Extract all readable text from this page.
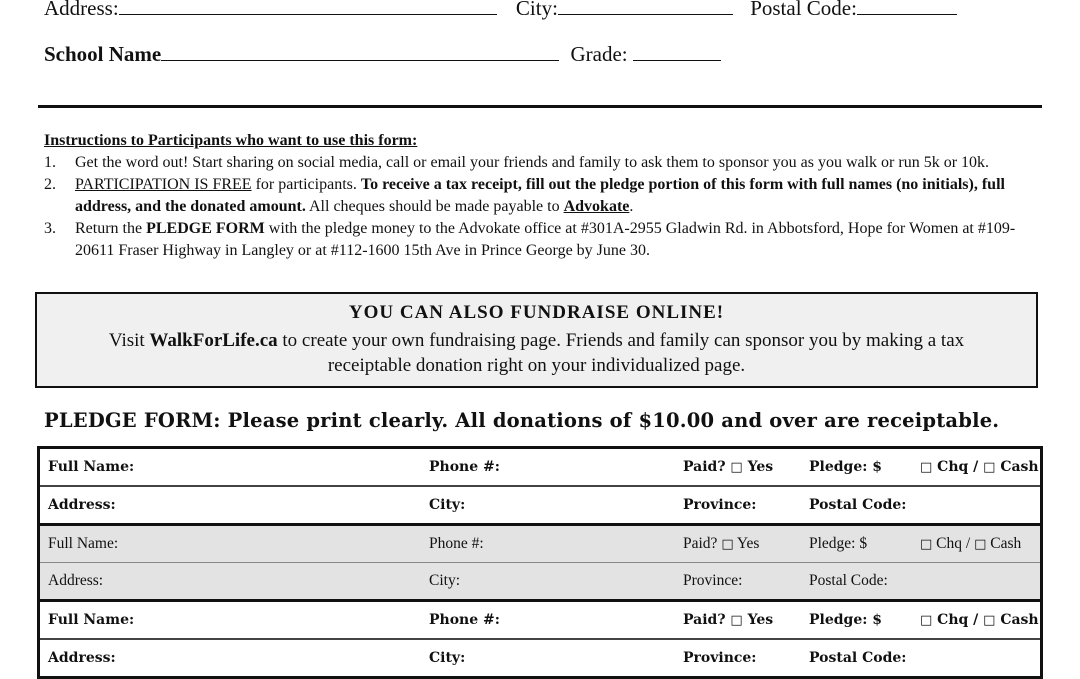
Address:	City:	Postal Code:
School Name	Grade:
Instructions to Participants who want to use this form:
1. Get the word out! Start sharing on social media, call or email your friends and family to ask them to sponsor you as you walk or run 5k or 10k.
2. PARTICIPATION IS FREE for participants. To receive a tax receipt, fill out the pledge portion of this form with full names (no initials), full address, and the donated amount. All cheques should be made payable to Advokate.
3. Return the PLEDGE FORM with the pledge money to the Advokate office at #301A-2955 Gladwin Rd. in Abbotsford, Hope for Women at #109-20611 Fraser Highway in Langley or at #112-1600 15th Ave in Prince George by June 30.
YOU CAN ALSO FUNDRAISE ONLINE!
Visit WalkForLife.ca to create your own fundraising page. Friends and family can sponsor you by making a tax receiptable donation right on your individualized page.
PLEDGE FORM: Please print clearly. All donations of $10.00 and over are receiptable.
Full Name:	Phone #:	Paid? □ Yes	Pledge: $	□ Chq / □ Cash
Address:	City:	Province:	Postal Code:
Full Name:	Phone #:	Paid? □ Yes	Pledge: $	□ Chq / □ Cash
Address:	City:	Province:	Postal Code:
Full Name:	Phone #:	Paid? □ Yes	Pledge: $	□ Chq / □ Cash
Address:	City:	Province:	Postal Code:
